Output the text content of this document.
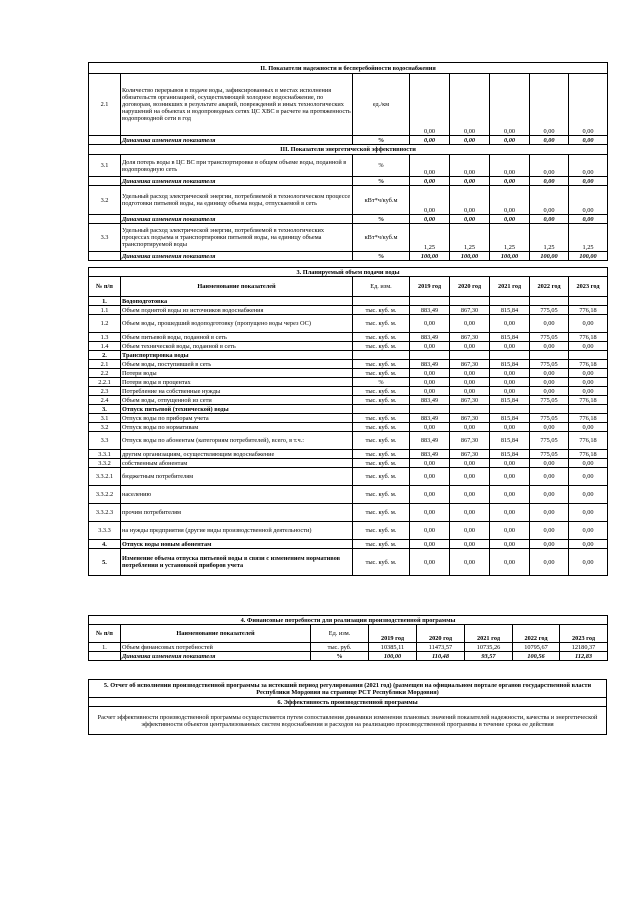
II. Показатели надежности и бесперебойности водоснабжения							
2.1	Количество перерывов в подаче воды, зафиксированных в местах исполнения обязательств организацией, осуществляющей холодное водоснабжение, по договорам, возникших в результате аварий, повреждений и иных технологических нарушений на объектах и водопроводных сетях ЦС ХВС в расчете на протяженность водопроводной сети в год	ед./км	0,00	0,00	0,00	0,00	0,00
	Динамика изменения показателя	%	0,00	0,00	0,00	0,00	0,00
III. Показатели энергетической эффективности							
3.1	Доля потерь воды в ЦС ВС при транспортировке в общем объеме воды, поданной в водопроводную сеть	%	0,00	0,00	0,00	0,00	0,00
	Динамика изменения показателя	%	0,00	0,00	0,00	0,00	0,00
3.2	Удельный расход электрической энергии, потребляемой в технологическом процессе подготовки питьевой воды, на единицу объема воды, отпускаемой в сеть	кВт*ч/куб.м	0,00	0,00	0,00	0,00	0,00
	Динамика изменения показателя	%	0,00	0,00	0,00	0,00	0,00
3.3	Удельный расход электрической энергии, потребляемой в технологических процессах подъема и транспортировки питьевой воды, на единицу объема транспортируемой воды	кВт*ч/куб.м	1,25	1,25	1,25	1,25	1,25
	Динамика изменения показателя	%	100,00	100,00	100,00	100,00	100,00
3. Планируемый объем подачи воды							
№ п/п	Наименование показателей	Ед. изм.	2019 год	2020 год	2021 год	2022 год	2023 год
1.	Водоподготовка						
1.1	Объем поднятой воды из источников водоснабжения	тыс. куб. м.	883,49	867,30	815,84	775,05	776,18
1.2	Объем воды, прошедший водоподготовку (пропущено воды через ОС)	тыс. куб. м.	0,00	0,00	0,00	0,00	0,00
1.3	Объем питьевой воды, поданной в сеть	тыс. куб. м.	883,49	867,30	815,84	775,05	776,18
1.4	Объем технической воды, поданной в сеть	тыс. куб. м.	0,00	0,00	0,00	0,00	0,00
2.	Транспортировка воды						
2.1	Объем воды, поступившей в сеть	тыс. куб. м.	883,49	867,30	815,84	775,05	776,18
2.2	Потери воды	тыс. куб. м.	0,00	0,00	0,00	0,00	0,00
2.2.1	Потери воды в процентах	%	0,00	0,00	0,00	0,00	0,00
2.3	Потребление на собственные нужды	тыс. куб. м.	0,00	0,00	0,00	0,00	0,00
2.4	Объем воды, отпущенной из сети	тыс. куб. м.	883,49	867,30	815,84	775,05	776,18
3.	Отпуск питьевой (технической) воды						
3.1	Отпуск воды по приборам учета	тыс. куб. м.	883,49	867,30	815,84	775,05	776,18
3.2	Отпуск воды по нормативам	тыс. куб. м.	0,00	0,00	0,00	0,00	0,00
3.3	Отпуск воды по абонентам (категориям потребителей), всего, в т.ч.:	тыс. куб. м.	883,49	867,30	815,84	775,05	776,18
3.3.1	другим организациям, осуществляющим водоснабжение	тыс. куб. м.	883,49	867,30	815,84	775,05	776,18
3.3.2	собственным абонентам	тыс. куб. м.	0,00	0,00	0,00	0,00	0,00
3.3.2.1	бюджетным потребителям	тыс. куб. м.	0,00	0,00	0,00	0,00	0,00
3.3.2.2	населению	тыс. куб. м.	0,00	0,00	0,00	0,00	0,00
3.3.2.3	прочим потребителям	тыс. куб. м.	0,00	0,00	0,00	0,00	0,00
3.3.3	на нужды предприятия (другие виды производственной деятельности)	тыс. куб. м.	0,00	0,00	0,00	0,00	0,00
4.	Отпуск воды новым абонентам	тыс. куб. м.	0,00	0,00	0,00	0,00	0,00
5.	Изменение объема отпуска питьевой воды в связи с изменением нормативов потребления и установкой приборов учета	тыс. куб. м.	0,00	0,00	0,00	0,00	0,00
4. Финансовые потребности для реализации производственной программы							
№ п/п	Наименование показателей	Ед. изм.	2019 год	2020 год	2021 год	2022 год	2023 год
1.	Объем финансовых потребностей	тыс. руб.	10385,11	11473,57	10735,26	10795,67	12180,37
	Динамика изменения показателя	%	100,00	110,48	93,57	100,56	112,83
5. Отчет об исполнении производственной программы за истекший период регулирования (2021 год) (размещен на официальном портале органов государственной власти Республики Мордовия на странице РСТ Республики Мордовия)
6. Эффективность производственной программы
Расчет эффективности производственной программы осуществляется путем сопоставления динамики изменения плановых значений показателей надежности, качества и энергетической эффективности объектов централизованных систем водоснабжения и расходов на реализацию производственной программы в течение срока ее действия
